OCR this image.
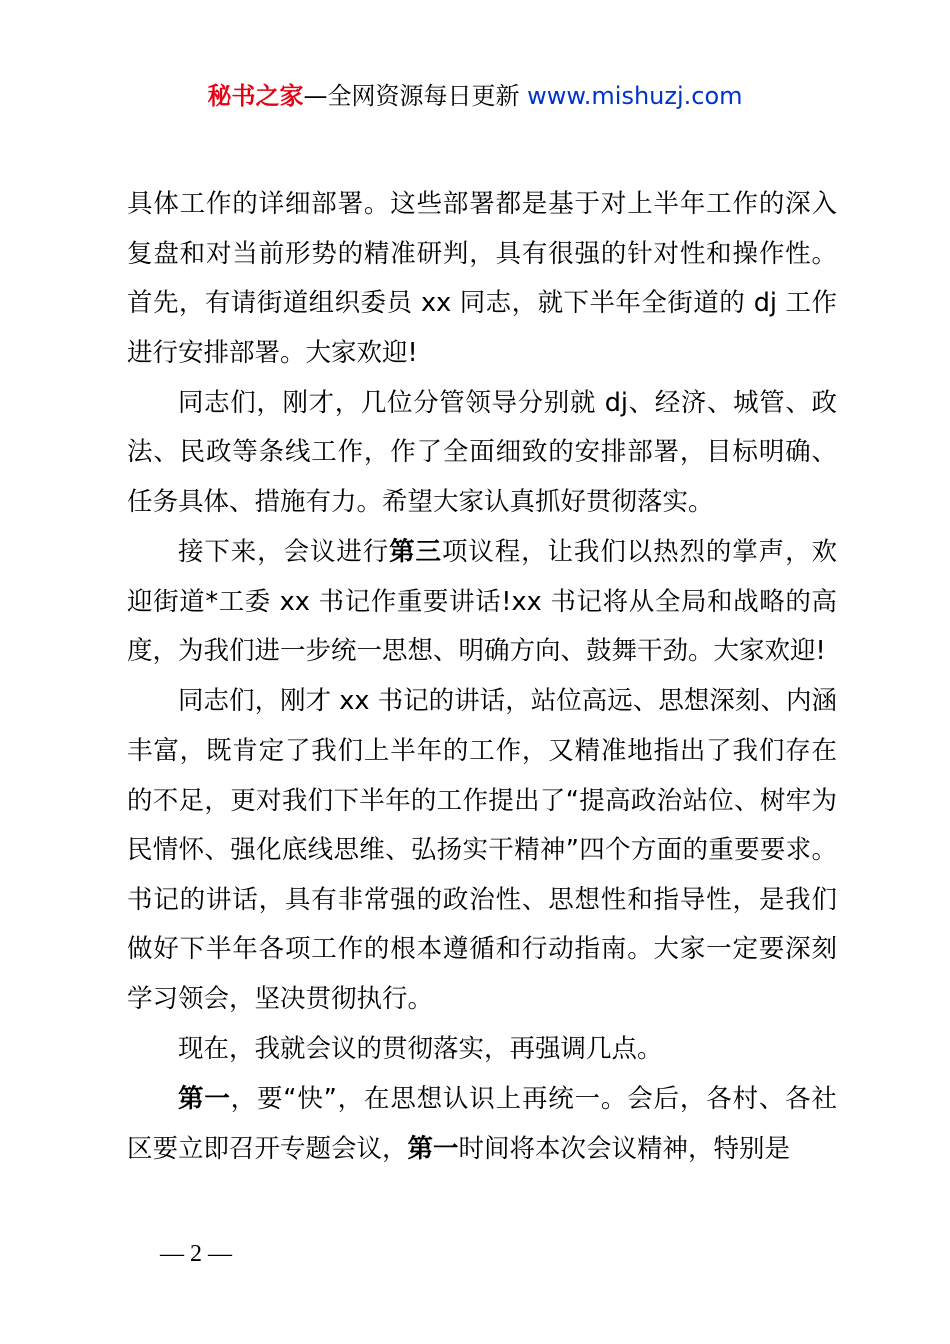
秘书之家—全网资源每日更新 www.mishuzj.com

具体工作的详细部署。这些部署都是基于对上半年工作的深入复盘和对当前形势的精准研判，具有很强的针对性和操作性。首先，有请街道组织委员 xx 同志，就下半年全街道的 dj 工作进行安排部署。大家欢迎!

同志们，刚才，几位分管领导分别就 dj、经济、城管、政法、民政等条线工作，作了全面细致的安排部署，目标明确、任务具体、措施有力。希望大家认真抓好贯彻落实。

接下来，会议进行第三项议程，让我们以热烈的掌声，欢迎街道*工委 xx 书记作重要讲话!xx 书记将从全局和战略的高度，为我们进一步统一思想、明确方向、鼓舞干劲。大家欢迎!

同志们，刚才 xx 书记的讲话，站位高远、思想深刻、内涵丰富，既肯定了我们上半年的工作，又精准地指出了我们存在的不足，更对我们下半年的工作提出了“提高政治站位、树牢为民情怀、强化底线思维、弘扬实干精神”四个方面的重要要求。书记的讲话，具有非常强的政治性、思想性和指导性，是我们做好下半年各项工作的根本遵循和行动指南。大家一定要深刻学习领会，坚决贯彻执行。

现在，我就会议的贯彻落实，再强调几点。

第一，要“快”，在思想认识上再统一。会后，各村、各社区要立即召开专题会议，第一时间将本次会议精神，特别是

— 2 —
